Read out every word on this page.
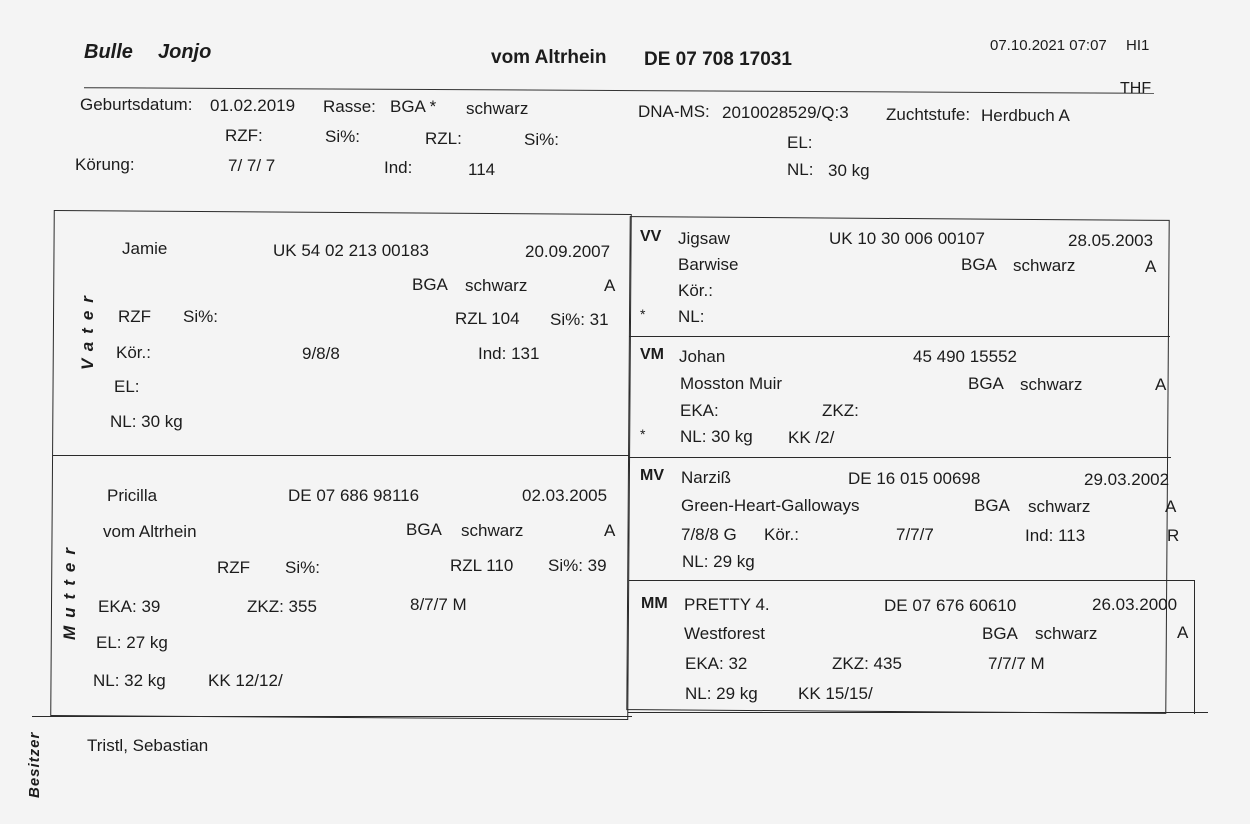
Bulle Jonjo	vom Altrhein DE 07 708 17031
07.10.2021 07:07 HI1
THF
Geburtsdatum: 01.02.2019 Rasse: BGA * schwarz	DNA-MS: 2010028529/Q:3 Zuchtstufe: Herdbuch A
RZF:	Si%:	RZL:	Si%:	EL:
Körung:	7/ 7/ 7	Ind:	114	NL: 30 kg
Vater
Mutter
Jamie	UK 54 02 213 00183	20.09.2007
BGA schwarz	A
RZF Si%:	RZL 104 Si%: 31
Kör.:	9/8/8	Ind: 131
EL:
NL: 30 kg
Pricilla	DE 07 686 98116	02.03.2005
vom Altrhein	BGA schwarz	A
RZF Si%:	RZL 110 Si%: 39
EKA: 39	ZKZ: 355	8/7/7 M
EL: 27 kg
NL: 32 kg KK 12/12/
VV Jigsaw	UK 10 30 006 00107	28.05.2003
Barwise	BGA schwarz	A
Kör.:
* NL:
VM Johan	45 490 15552
Mosston Muir	BGA schwarz	A
EKA:	ZKZ:
* NL: 30 kg KK /2/
MV Narziß	DE 16 015 00698	29.03.2002
Green-Heart-Galloways	BGA schwarz	A
7/8/8 G Kör.:	7/7/7	Ind: 113	R
NL: 29 kg
MM PRETTY 4.	DE 07 676 60610	26.03.2000
Westforest	BGA schwarz	A
EKA: 32	ZKZ: 435	7/7/7 M
NL: 29 kg KK 15/15/
Besitzer	Tristl, Sebastian
